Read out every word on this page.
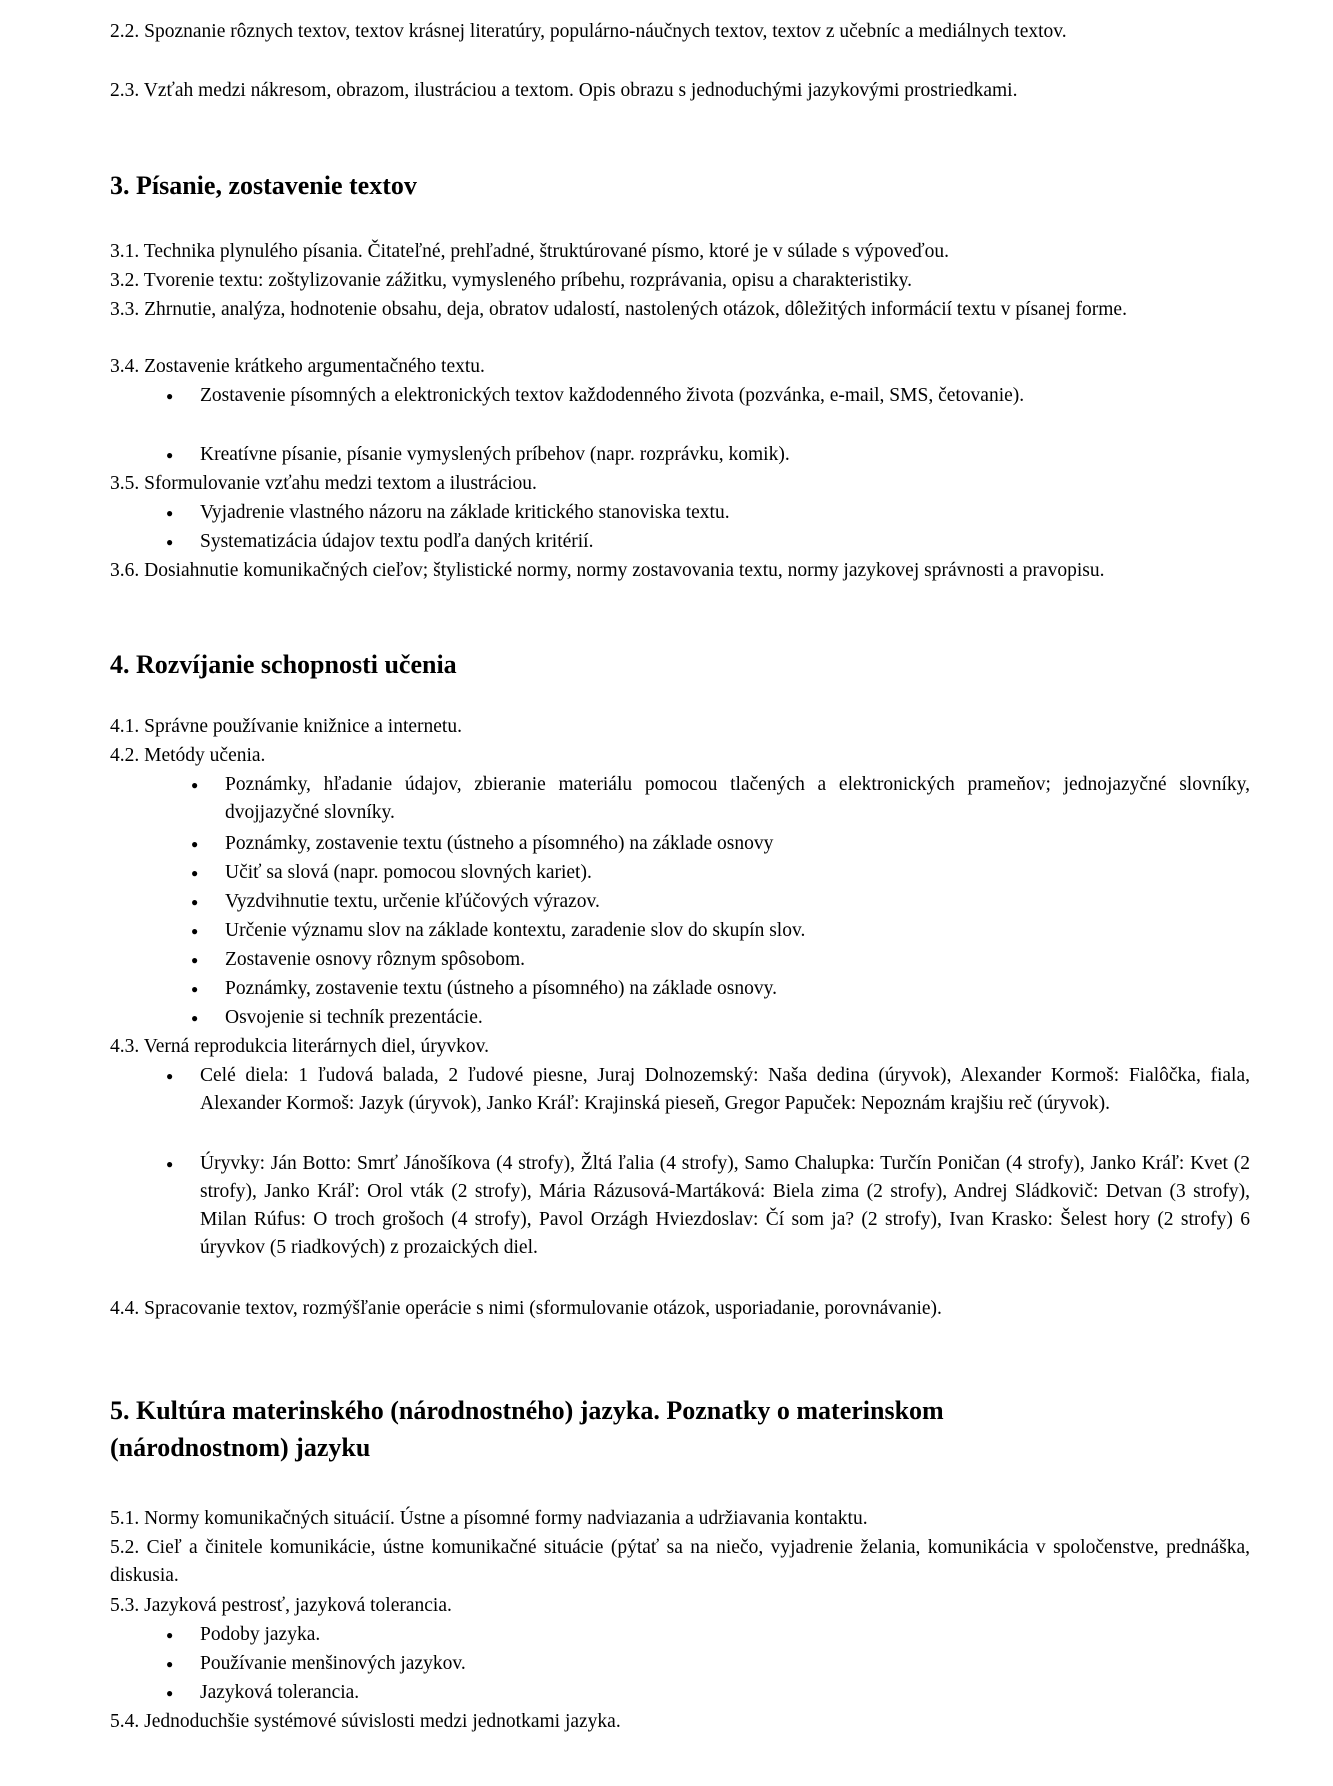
2.2. Spoznanie rôznych textov, textov krásnej literatúry, populárno-náučnych textov, textov z učebníc a mediálnych textov.

2.3. Vzťah medzi nákresom, obrazom, ilustráciou a textom. Opis obrazu s jednoduchými jazykovými prostriedkami.

3. Písanie, zostavenie textov

3.1. Technika plynulého písania. Čitateľné, prehľadné, štruktúrované písmo, ktoré je v súlade s výpoveďou.

3.2. Tvorenie textu: zoštylizovanie zážitku, vymysleného príbehu, rozprávania, opisu a charakteristiky.

3.3. Zhrnutie, analýza, hodnotenie obsahu, deja, obratov udalostí, nastolených otázok, dôležitých informácií textu v písanej forme.

3.4. Zostavenie krátkeho argumentačného textu.

● Zostavenie písomných a elektronických textov každodenného života (pozvánka, e-mail, SMS, četovanie).

● Kreatívne písanie, písanie vymyslených príbehov (napr. rozprávku, komik).

3.5. Sformulovanie vzťahu medzi textom a ilustráciou.

● Vyjadrenie vlastného názoru na základe kritického stanoviska textu.

● Systematizácia údajov textu podľa daných kritérií.

3.6. Dosiahnutie komunikačných cieľov; štylistické normy, normy zostavovania textu, normy jazykovej správnosti a pravopisu.

4. Rozvíjanie schopnosti učenia

4.1. Správne používanie knižnice a internetu.

4.2. Metódy učenia.

● Poznámky, hľadanie údajov, zbieranie materiálu pomocou tlačených a elektronických prameňov; jednojazyčné slovníky, dvojjazyčné slovníky.

● Poznámky, zostavenie textu (ústneho a písomného) na základe osnovy

● Učiť sa slová (napr. pomocou slovných kariet).

● Vyzdvihnutie textu, určenie kľúčových výrazov.

● Určenie významu slov na základe kontextu, zaradenie slov do skupín slov.

● Zostavenie osnovy rôznym spôsobom.

● Poznámky, zostavenie textu (ústneho a písomného) na základe osnovy.

● Osvojenie si techník prezentácie.

4.3. Verná reprodukcia literárnych diel, úryvkov.

● Celé diela: 1 ľudová balada, 2 ľudové piesne, Juraj Dolnozemský: Naša dedina (úryvok), Alexander Kormoš: Fialôčka, fiala, Alexander Kormoš: Jazyk (úryvok), Janko Kráľ: Krajinská pieseň, Gregor Papuček: Nepoznám krajšiu reč (úryvok).

● Úryvky: Ján Botto: Smrť Jánošíkova (4 strofy), Žltá ľalia (4 strofy), Samo Chalupka: Turčín Poničan (4 strofy), Janko Kráľ: Kvet (2 strofy), Janko Kráľ: Orol vták (2 strofy), Mária Rázusová-Martáková: Biela zima (2 strofy), Andrej Sládkovič: Detvan (3 strofy), Milan Rúfus: O troch grošoch (4 strofy), Pavol Orzágh Hviezdoslav: Čí som ja? (2 strofy), Ivan Krasko: Šelest hory (2 strofy) 6 úryvkov (5 riadkových) z prozaických diel.

4.4. Spracovanie textov, rozmýšľanie operácie s nimi (sformulovanie otázok, usporiadanie, porovnávanie).

5. Kultúra materinského (národnostného) jazyka. Poznatky o materinskom
(národnostnom) jazyku

5.1. Normy komunikačných situácií. Ústne a písomné formy nadviazania a udržiavania kontaktu.

5.2. Cieľ a činitele komunikácie, ústne komunikačné situácie (pýtať sa na niečo, vyjadrenie želania, komunikácia v spoločenstve, prednáška, diskusia.

5.3. Jazyková pestrosť, jazyková tolerancia.

● Podoby jazyka.

● Používanie menšinových jazykov.

● Jazyková tolerancia.

5.4. Jednoduchšie systémové súvislosti medzi jednotkami jazyka.
